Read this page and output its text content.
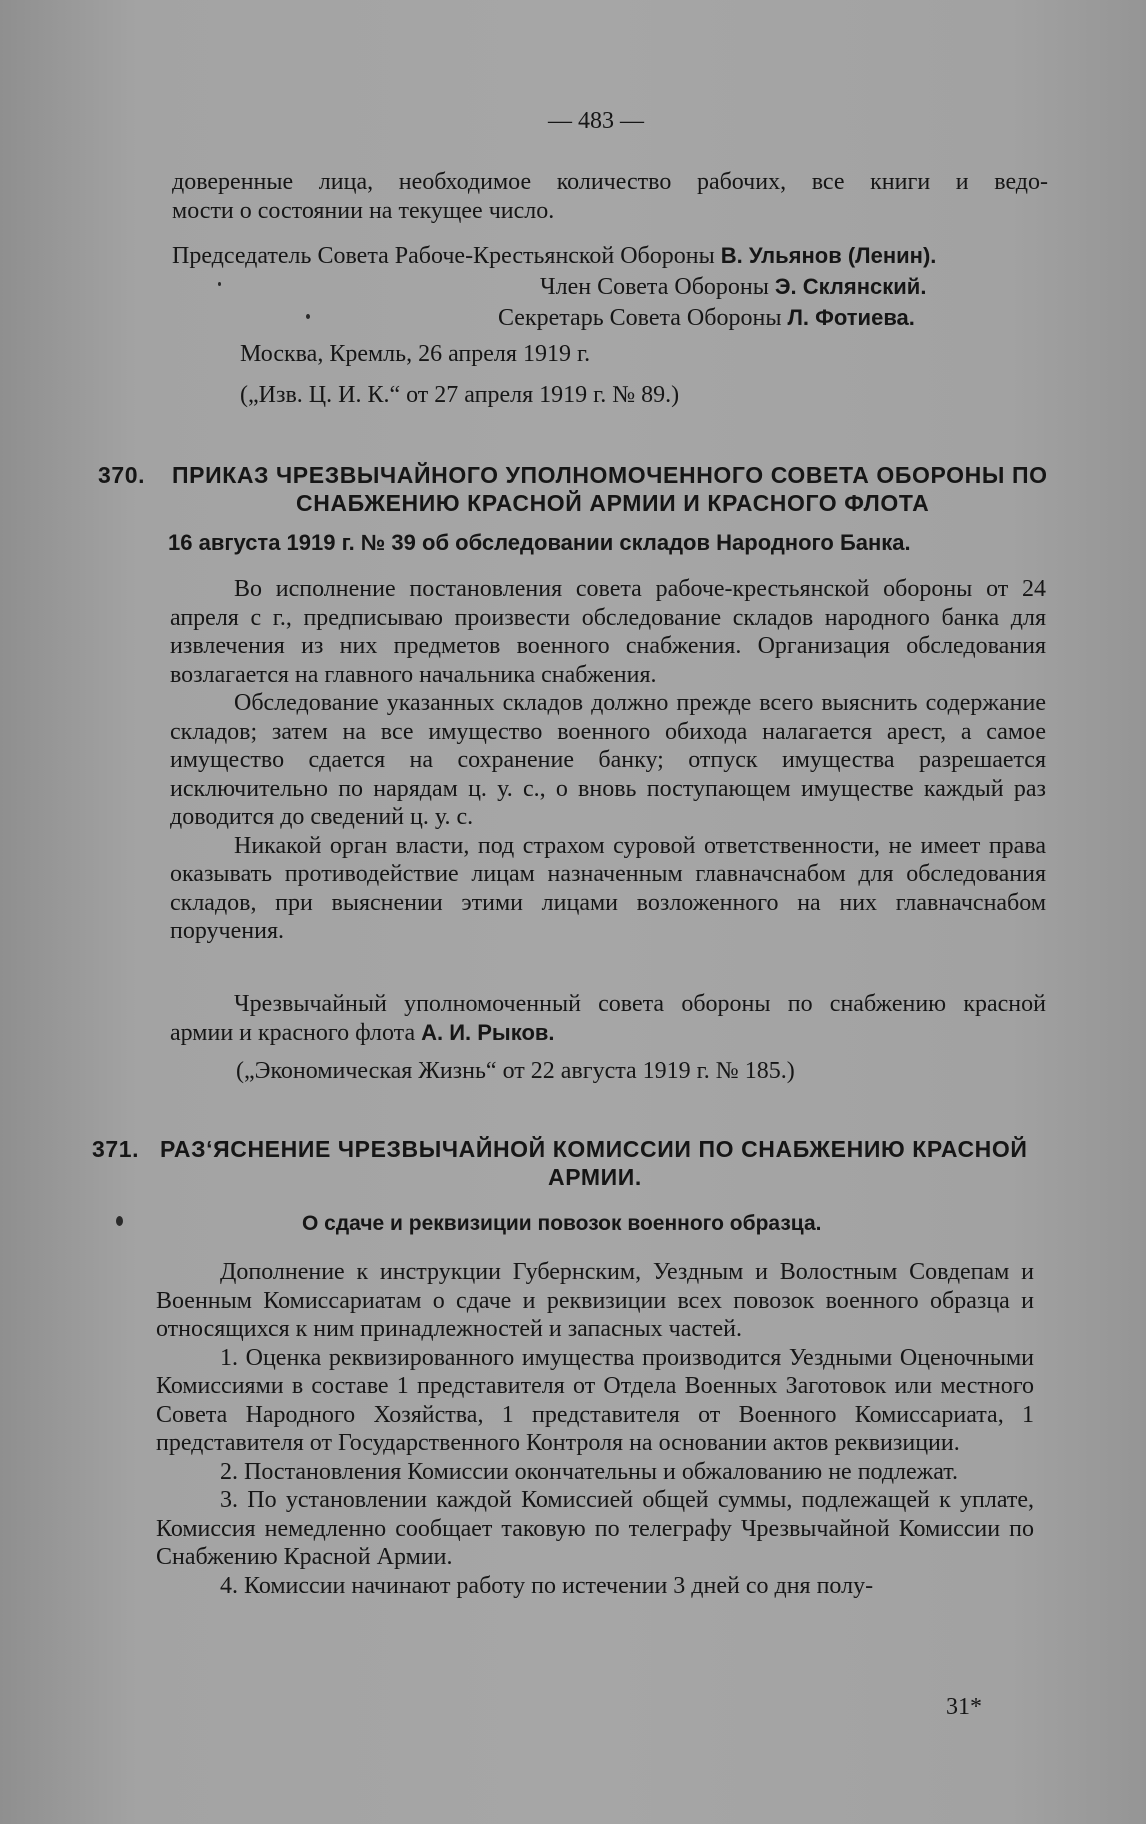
— 483 —

доверенные лица, необходимое количество рабочих, все книги и ведо-

мости о состоянии на текущее число.

Председатель Совета Рабоче-Крестьянской Обороны В. Ульянов (Ленин).
Член Совета Обороны Э. Склянский.
Секретарь Совета Обороны Л. Фотиева.
Москва, Кремль, 26 апреля 1919 г.
(„Изв. Ц. И. К.“ от 27 апреля 1919 г. № 89.)
370. ПРИКАЗ ЧРЕЗВЫЧАЙНОГО УПОЛНОМОЧЕННОГО СОВЕТА ОБОРОНЫ ПО
СНАБЖЕНИЮ КРАСНОЙ АРМИИ И КРАСНОГО ФЛОТА
16 августа 1919 г. № 39 об обследовании складов Народного Банка.

Во исполнение постановления совета рабоче-крестьянской обороны от 24 апреля с г., предписываю произвести обследование складов народного банка для извлечения из них предметов военного снабжения. Организация обследования возлагается на главного начальника снабжения.

Обследование указанных складов должно прежде всего выяснить содержание складов; затем на все имущество военного обихода налагается арест, а самое имущество сдается на сохранение банку; отпуск имущества разрешается исключительно по нарядам ц. у. с., о вновь поступающем имуществе каждый раз доводится до сведений ц. у. с.

Никакой орган власти, под страхом суровой ответственности, не имеет права оказывать противодействие лицам назначенным главначснабом для обследования складов, при выяснении этими лицами возложенного на них главначснабом поручения.

Чрезвычайный уполномоченный совета обороны по снабжению красной армии и красного флота А. И. Рыков.

(„Экономическая Жизнь“ от 22 августа 1919 г. № 185.)
371. РАЗ‘ЯСНЕНИЕ ЧРЕЗВЫЧАЙНОЙ КОМИССИИ ПО СНАБЖЕНИЮ КРАСНОЙ
АРМИИ.
О сдаче и реквизиции повозок военного образца.

Дополнение к инструкции Губернским, Уездным и Волостным Совдепам и Военным Комиссариатам о сдаче и реквизиции всех повозок военного образца и относящихся к ним принадлежностей и запасных частей.

1. Оценка реквизированного имущества производится Уездными Оценочными Комиссиями в составе 1 представителя от Отдела Военных Заготовок или местного Совета Народного Хозяйства, 1 представителя от Военного Комиссариата, 1 представителя от Государственного Контроля на основании актов реквизиции.

2. Постановления Комиссии окончательны и обжалованию не подлежат.

3. По установлении каждой Комиссией общей суммы, подлежащей к уплате, Комиссия немедленно сообщает таковую по телеграфу Чрезвычайной Комиссии по Снабжению Красной Армии.

4. Комиссии начинают работу по истечении 3 дней со дня полу-

31*
